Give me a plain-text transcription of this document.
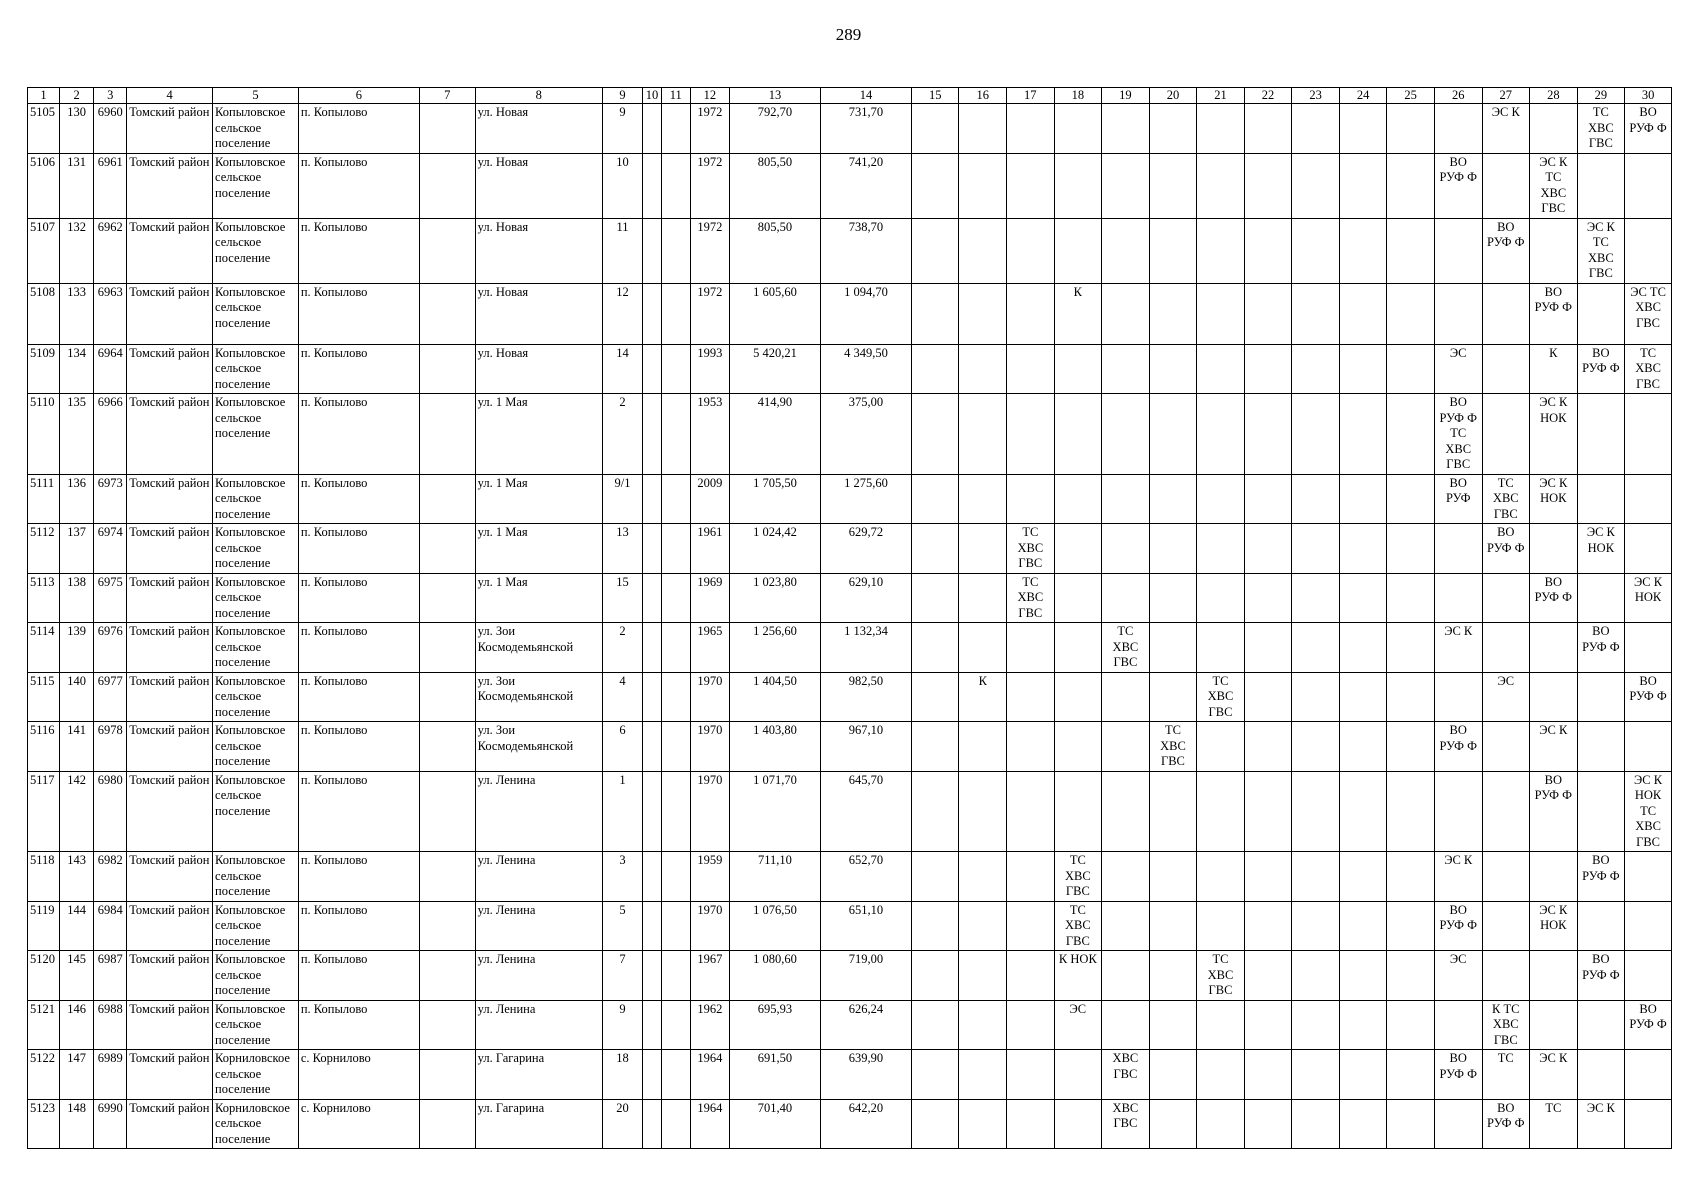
289
1	2	3	4	5	6	7	8	9	10	11	12	13	14	15	16	17	18	19	20	21	22	23	24	25	26	27	28	29	30
5105	130	6960	Томский район	Копыловское сельское поселение	п. Копылово		ул. Новая	9			1972	792,70	731,70													ЭС К		ТС
ХВС
ГВС	ВО
РУФ Ф
5106	131	6961	Томский район	Копыловское сельское поселение	п. Копылово		ул. Новая	10			1972	805,50	741,20												ВО
РУФ Ф		ЭС К
ТС
ХВС
ГВС		
5107	132	6962	Томский район	Копыловское сельское поселение	п. Копылово		ул. Новая	11			1972	805,50	738,70													ВО
РУФ Ф		ЭС К
ТС
ХВС
ГВС	
5108	133	6963	Томский район	Копыловское сельское поселение	п. Копылово		ул. Новая	12			1972	1 605,60	1 094,70				К										ВО
РУФ Ф		ЭС ТС
ХВС
ГВС
5109	134	6964	Томский район	Копыловское сельское поселение	п. Копылово		ул. Новая	14			1993	5 420,21	4 349,50												ЭС		К	ВО
РУФ Ф	ТС
ХВС
ГВС
5110	135	6966	Томский район	Копыловское сельское поселение	п. Копылово		ул. 1 Мая	2			1953	414,90	375,00												ВО
РУФ Ф
ТС
ХВС
ГВС		ЭС К
НОК		
5111	136	6973	Томский район	Копыловское сельское поселение	п. Копылово		ул. 1 Мая	9/1			2009	1 705,50	1 275,60												ВО
РУФ	ТС
ХВС
ГВС	ЭС К
НОК		
5112	137	6974	Томский район	Копыловское сельское поселение	п. Копылово		ул. 1 Мая	13			1961	1 024,42	629,72			ТС
ХВС
ГВС										ВО
РУФ Ф		ЭС К
НОК	
5113	138	6975	Томский район	Копыловское сельское поселение	п. Копылово		ул. 1 Мая	15			1969	1 023,80	629,10			ТС
ХВС
ГВС											ВО
РУФ Ф		ЭС К
НОК
5114	139	6976	Томский район	Копыловское сельское поселение	п. Копылово		ул. Зои Космодемьянской	2			1965	1 256,60	1 132,34					ТС
ХВС
ГВС							ЭС К			ВО
РУФ Ф	
5115	140	6977	Томский район	Копыловское сельское поселение	п. Копылово		ул. Зои Космодемьянской	4			1970	1 404,50	982,50		К					ТС
ХВС
ГВС						ЭС			ВО
РУФ Ф
5116	141	6978	Томский район	Копыловское сельское поселение	п. Копылово		ул. Зои Космодемьянской	6			1970	1 403,80	967,10						ТС
ХВС
ГВС						ВО
РУФ Ф		ЭС К		
5117	142	6980	Томский район	Копыловское сельское поселение	п. Копылово		ул. Ленина	1			1970	1 071,70	645,70														ВО
РУФ Ф		ЭС К
НОК
ТС
ХВС
ГВС
5118	143	6982	Томский район	Копыловское сельское поселение	п. Копылово		ул. Ленина	3			1959	711,10	652,70				ТС
ХВС
ГВС								ЭС К			ВО
РУФ Ф	
5119	144	6984	Томский район	Копыловское сельское поселение	п. Копылово		ул. Ленина	5			1970	1 076,50	651,10				ТС
ХВС
ГВС								ВО
РУФ Ф		ЭС К
НОК		
5120	145	6987	Томский район	Копыловское сельское поселение	п. Копылово		ул. Ленина	7			1967	1 080,60	719,00				К НОК			ТС
ХВС
ГВС					ЭС			ВО
РУФ Ф	
5121	146	6988	Томский район	Копыловское сельское поселение	п. Копылово		ул. Ленина	9			1962	695,93	626,24				ЭС									К ТС
ХВС
ГВС			ВО
РУФ Ф
5122	147	6989	Томский район	Корниловское сельское поселение	с. Корнилово		ул. Гагарина	18			1964	691,50	639,90					ХВС
ГВС							ВО
РУФ Ф	ТС	ЭС К		
5123	148	6990	Томский район	Корниловское сельское поселение	с. Корнилово		ул. Гагарина	20			1964	701,40	642,20					ХВС
ГВС								ВО
РУФ Ф	ТС	ЭС К	
